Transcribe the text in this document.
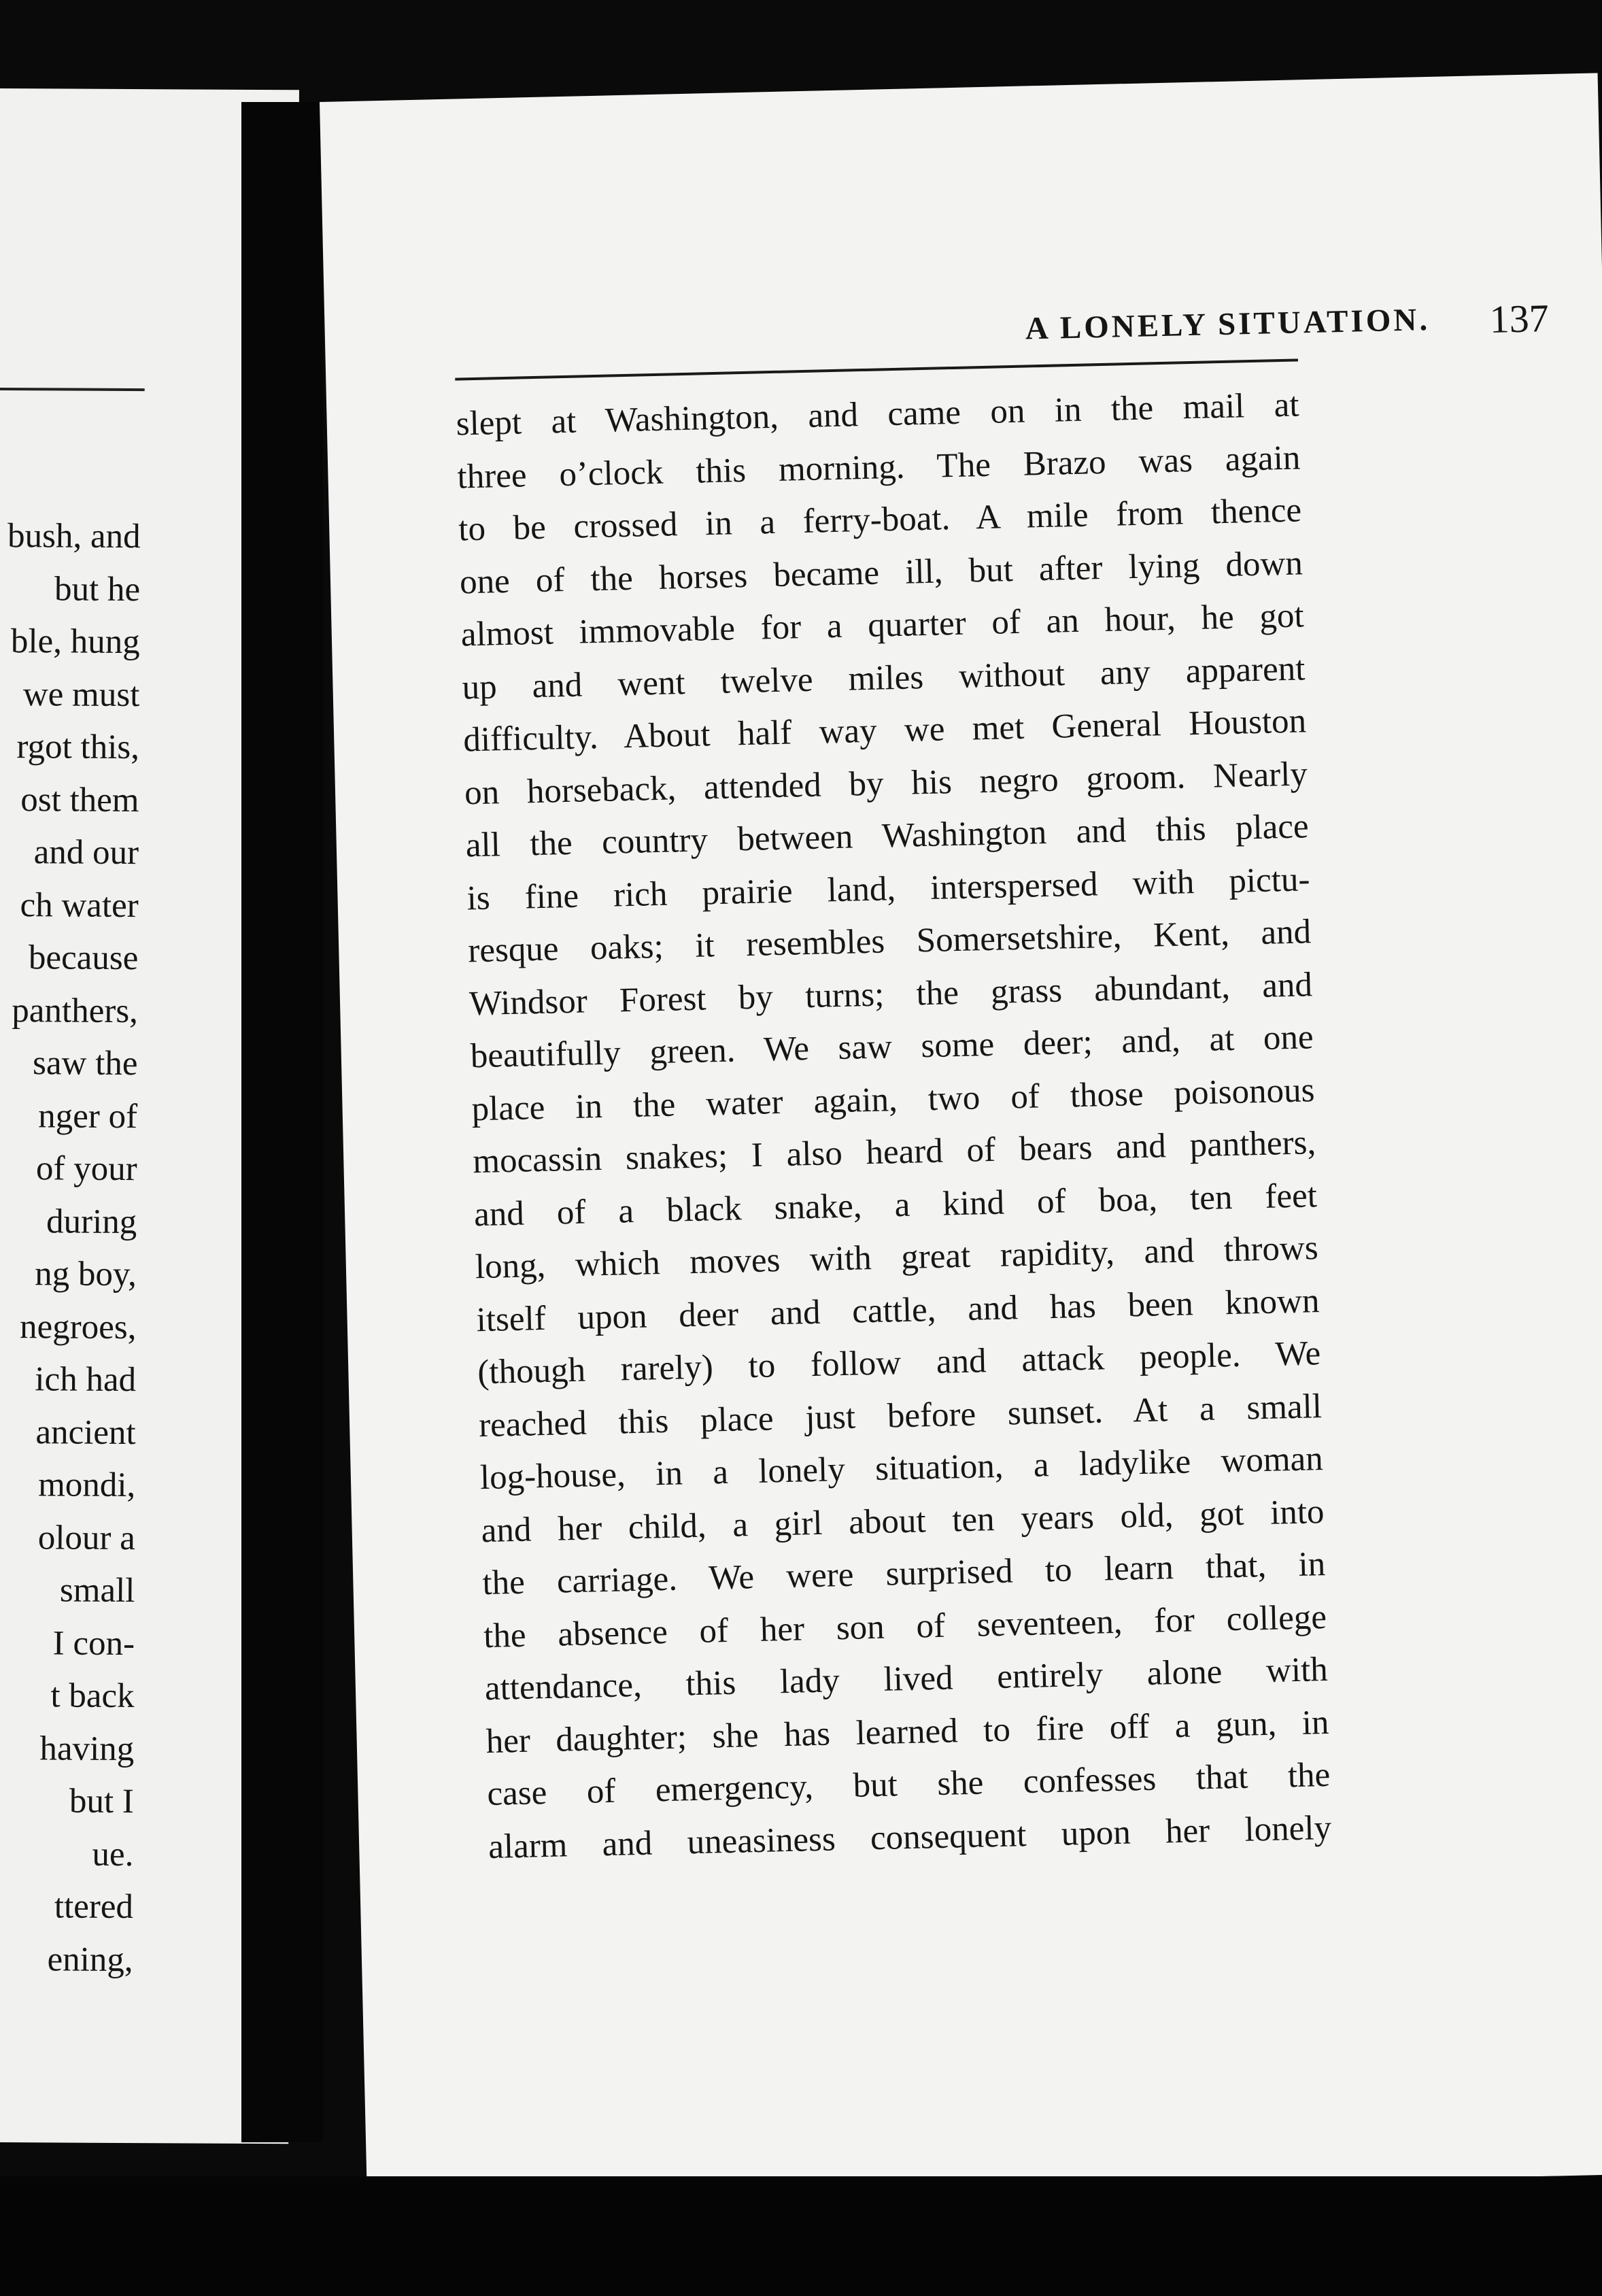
bush, and
but he
ble, hung
we must
rgot this,
ost them
and our
ch water
because
panthers,
saw the
nger of
of your
during
ng boy,
negroes,
ich had
ancient
mondi,
olour a
small
I con-
t back
having
but I
ue.
ttered
ening,
A LONELY SITUATION. 137
slept at Washington, and came on in the mail at
three o’clock this morning. The Brazo was again
to be crossed in a ferry-boat. A mile from thence
one of the horses became ill, but after lying down
almost immovable for a quarter of an hour, he got
up and went twelve miles without any apparent
difficulty. About half way we met General Houston
on horseback, attended by his negro groom. Nearly
all the country between Washington and this place
is fine rich prairie land, interspersed with pictu-
resque oaks; it resembles Somersetshire, Kent, and
Windsor Forest by turns; the grass abundant, and
beautifully green. We saw some deer; and, at one
place in the water again, two of those poisonous
mocassin snakes; I also heard of bears and panthers,
and of a black snake, a kind of boa, ten feet
long, which moves with great rapidity, and throws
itself upon deer and cattle, and has been known
(though rarely) to follow and attack people. We
reached this place just before sunset. At a small
log-house, in a lonely situation, a ladylike woman
and her child, a girl about ten years old, got into
the carriage. We were surprised to learn that, in
the absence of her son of seventeen, for college
attendance, this lady lived entirely alone with
her daughter; she has learned to fire off a gun, in
case of emergency, but she confesses that the
alarm and uneasiness consequent upon her lonely
